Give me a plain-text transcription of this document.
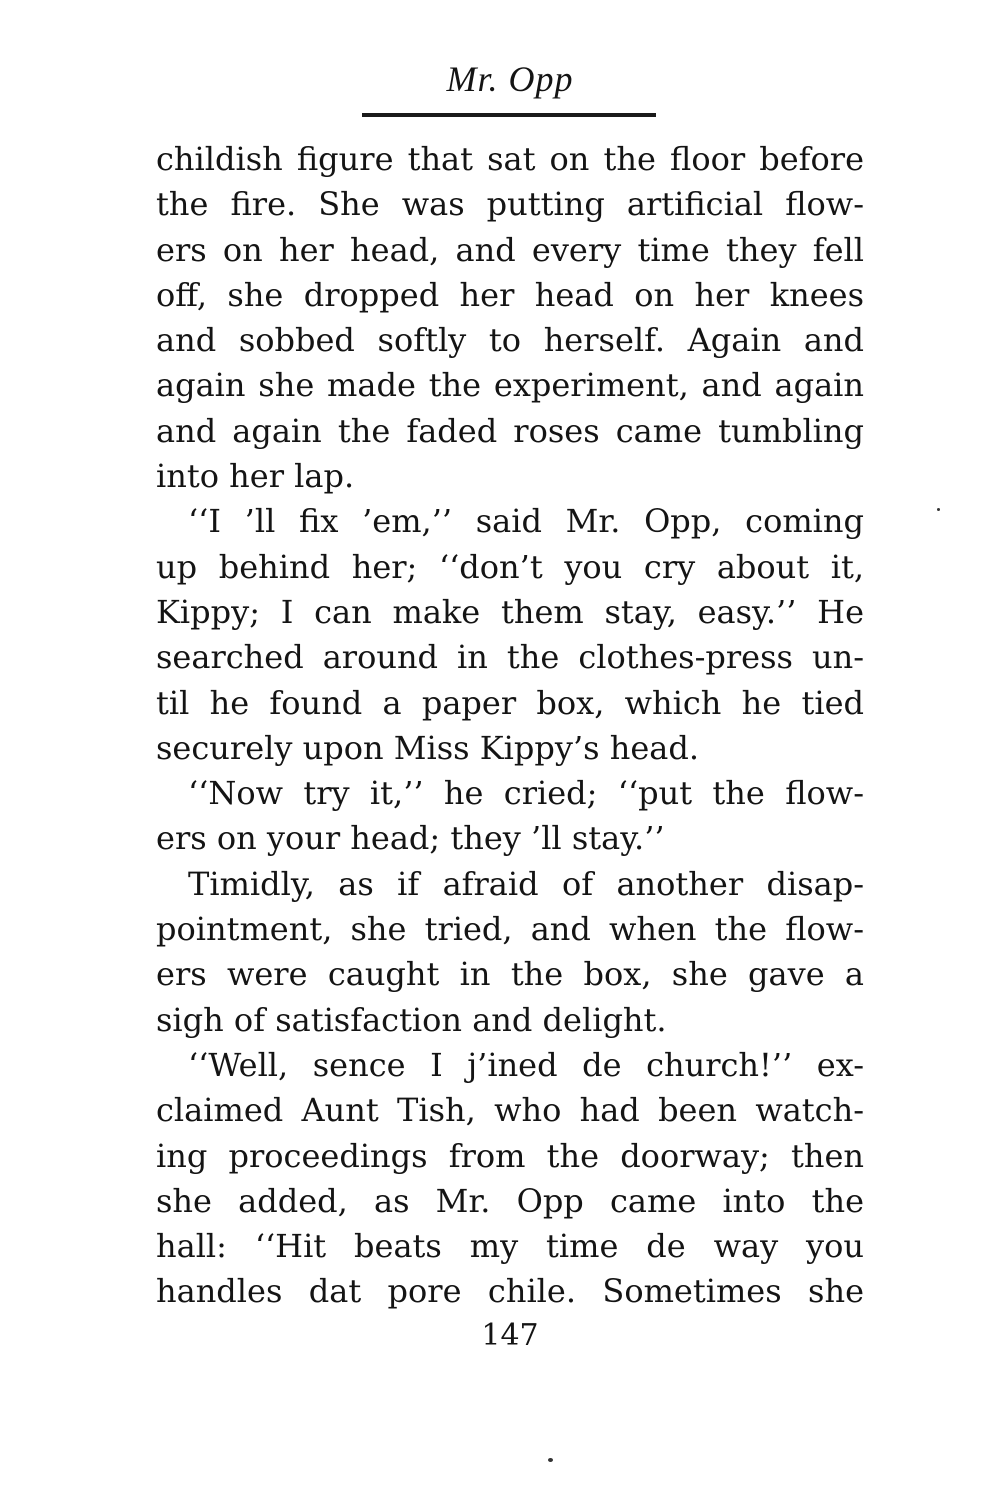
Mr. Opp
childish figure that sat on the floor before
the fire. She was putting artificial flow-
ers on her head, and every time they fell
off, she dropped her head on her knees
and sobbed softly to herself. Again and
again she made the experiment, and again
and again the faded roses came tumbling
into her lap.
‘‘I ’ll fix ’em,’’ said Mr. Opp, coming
up behind her; ‘‘don’t you cry about it,
Kippy; I can make them stay, easy.’’ He
searched around in the clothes-press un-
til he found a paper box, which he tied
securely upon Miss Kippy’s head.
‘‘Now try it,’’ he cried; ‘‘put the flow-
ers on your head; they ’ll stay.’’
Timidly, as if afraid of another disap-
pointment, she tried, and when the flow-
ers were caught in the box, she gave a
sigh of satisfaction and delight.
‘‘Well, sence I j’ined de church!’’ ex-
claimed Aunt Tish, who had been watch-
ing proceedings from the doorway; then
she added, as Mr. Opp came into the
hall: ‘‘Hit beats my time de way you
handles dat pore chile. Sometimes she
147
